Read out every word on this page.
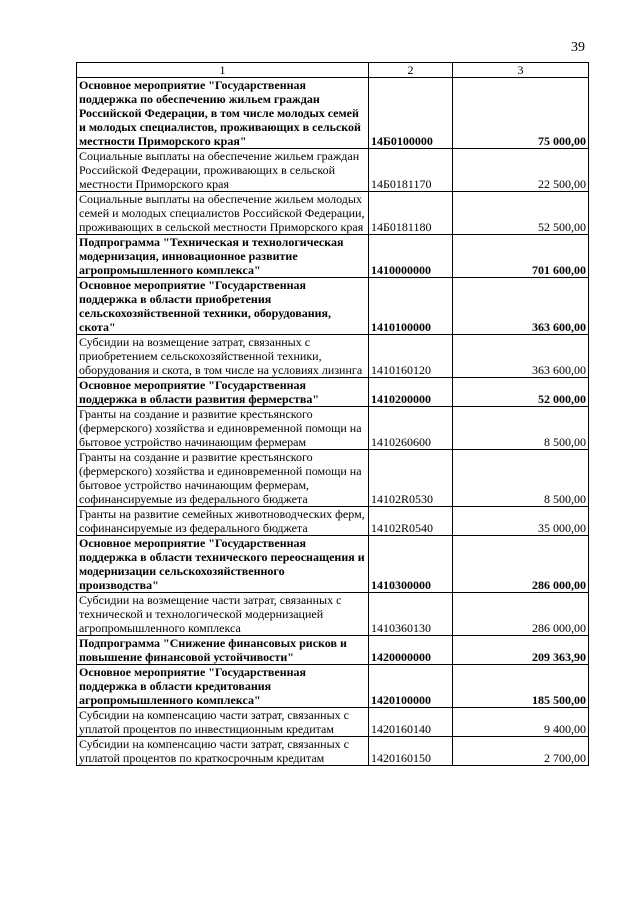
39
1	2	3
Основное мероприятие "Государственная поддержка по обеспечению жильем граждан Российской Федерации, в том числе молодых семей и молодых специалистов, проживающих в сельской местности Приморского края"	14Б0100000	75 000,00
Социальные выплаты на обеспечение жильем граждан Российской Федерации, проживающих в сельской местности Приморского края	14Б0181170	22 500,00
Социальные выплаты на обеспечение жильем молодых семей и молодых специалистов Российской Федерации, проживающих в сельской местности Приморского края	14Б0181180	52 500,00
Подпрограмма "Техническая и технологическая модернизация, инновационное развитие агропромышленного комплекса"	1410000000	701 600,00
Основное мероприятие "Государственная поддержка в области приобретения сельскохозяйственной техники, оборудования, скота"	1410100000	363 600,00
Субсидии на возмещение затрат, связанных с приобретением сельскохозяйственной техники, оборудования и скота, в том числе на условиях лизинга	1410160120	363 600,00
Основное мероприятие "Государственная поддержка в области развития фермерства"	1410200000	52 000,00
Гранты на создание и развитие крестьянского (фермерского) хозяйства и единовременной помощи на бытовое устройство начинающим фермерам	1410260600	8 500,00
Гранты на создание и развитие крестьянского (фермерского) хозяйства и единовременной помощи на бытовое устройство начинающим фермерам, софинансируемые из федерального бюджета	14102R0530	8 500,00
Гранты на развитие семейных животноводческих ферм, софинансируемые из федерального бюджета	14102R0540	35 000,00
Основное мероприятие "Государственная поддержка в области технического переоснащения и модернизации сельскохозяйственного производства"	1410300000	286 000,00
Субсидии на возмещение части затрат, связанных с технической и технологической модернизацией агропромышленного комплекса	1410360130	286 000,00
Подпрограмма "Снижение финансовых рисков и повышение финансовой устойчивости"	1420000000	209 363,90
Основное мероприятие "Государственная поддержка в области кредитования агропромышленного комплекса"	1420100000	185 500,00
Субсидии на компенсацию части затрат, связанных с уплатой процентов по инвестиционным кредитам	1420160140	9 400,00
Субсидии на компенсацию части затрат, связанных с уплатой процентов по краткосрочным кредитам	1420160150	2 700,00
